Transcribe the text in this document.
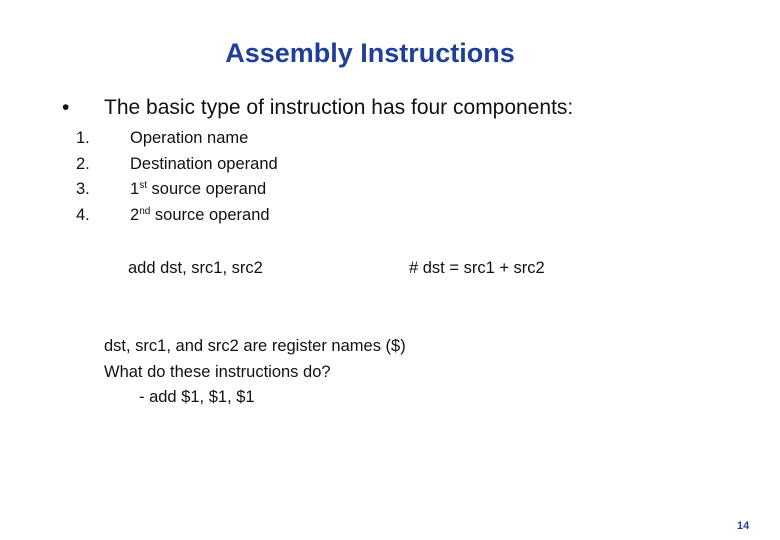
Assembly Instructions
• The basic type of instruction has four components:
1. Operation name
2. Destination operand
3. 1st source operand
4. 2nd source operand
add dst, src1, src2	# dst = src1 + src2
dst, src1, and src2 are register names ($)
What do these instructions do?
- add $1, $1, $1
14
